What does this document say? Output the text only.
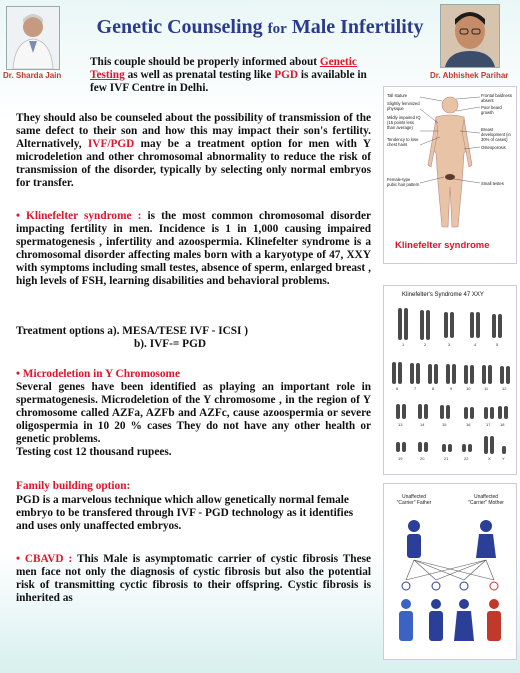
Dr. Sharda Jain
Genetic Counseling for Male Infertility
Dr. Abhishek Parihar
This couple should be properly informed about Genetic Testing as well as prenatal testing like PGD is available in few IVF Centre in Delhi.
They should also be counseled about the possibility of transmission of the same defect to their son and how this may impact their son's fertility. Alternatively, IVF/PGD may be a treatment option for men with Y microdeletion and other chromosomal abnormality to reduce the risk of transmission of the disorder, typically by selecting only normal embryos for transfer.
• Klinefelter syndrome : is the most common chromosomal disorder impacting fertility in men. Incidence is 1 in 1,000 causing impaired spermatogenesis , infertility and azoospermia. Klinefelter syndrome is a chromosomal disorder affecting males born with a karyotype of 47, XXY with symptoms including small testes, absence of sperm, enlarged breast , high levels of FSH, learning disabilities and behavioral problems.
Treatment options a). MESA/TESE IVF - ICSI )
b). IVF-= PGD
• Microdeletion in Y Chromosome
Several genes have been identified as playing an important role in spermatogenesis. Microdeletion of the Y chromosome , in the region of Y chromosome called AZFa, AZFb and AZFc, cause azoospermia or severe oligospermia in 10 20 % cases They do not have any other health or genetic problems.
Testing cost 12 thousand rupees.
Family building option:
PGD is a marvelous technique which allow genetically normal female embryo to be transfered through IVF - PGD technology as it identifies and uses only unaffected embryos.
• CBAVD : This Male is asymptomatic carrier of cystic fibrosis These men face not only the diagnosis of cystic fibrosis but also the potential risk of transmitting cyctic fibrosis to their offspring. Cystic fibrosis is inherited as
Tall stature
Slightly feminized physique
Mildly impaired IQ (15 points less than average)
Tendency to lose chest hairs
Female-type pubic hair pattern
Frontal baldness absent
Poor beard growth
Breast development (in 30% of cases)
Osteoporosis
Small testes
Klinefelter syndrome
1	2	3	4	5
6	7	8	9	10	11	12
13	14	15	16	17 18
19	20	21	22	X	Y
Klinefelter's Syndrome 47 XXY
Unaffected "Carrier" Father
Unaffected "Carrier" Mother
